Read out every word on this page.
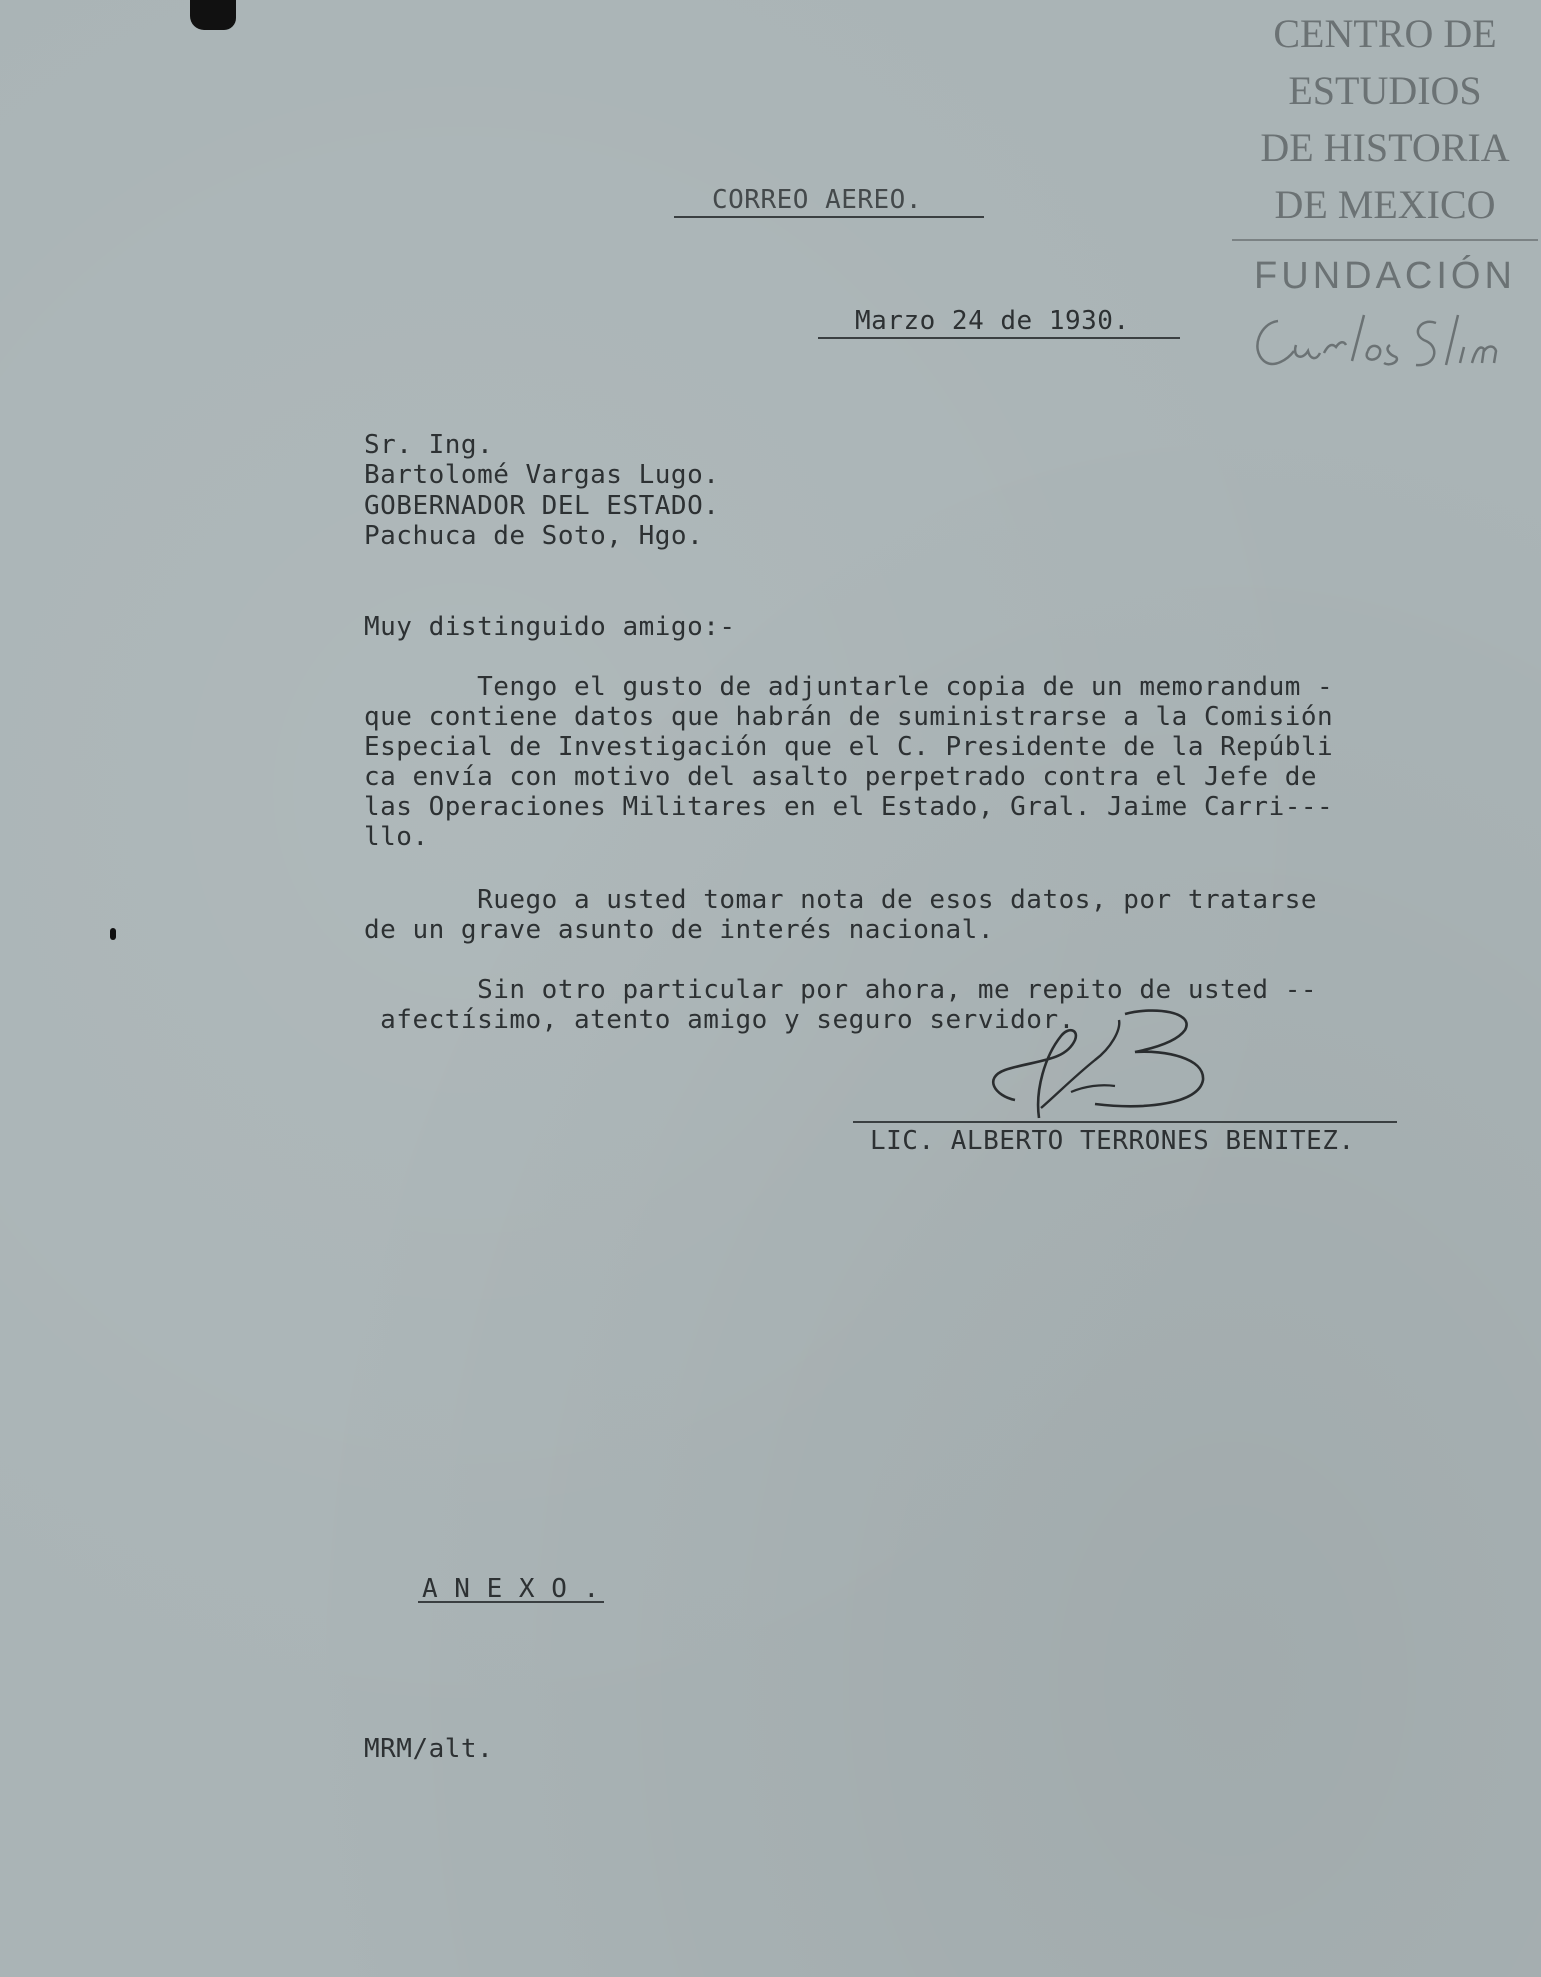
CENTRO DE
ESTUDIOS
DE HISTORIA
DE MEXICO
FUNDACIÓN
CORREO AEREO.
Marzo 24 de 1930.
Sr. Ing.
Bartolomé Vargas Lugo.
GOBERNADOR DEL ESTADO.
Pachuca de Soto, Hgo.
Muy distinguido amigo:-
Tengo el gusto de adjuntarle copia de un memorandum -
que contiene datos que habrán de suministrarse a la Comisión
Especial de Investigación que el C. Presidente de la Repúbli
ca envía con motivo del asalto perpetrado contra el Jefe de
las Operaciones Militares en el Estado, Gral. Jaime Carri---
llo.
Ruego a usted tomar nota de esos datos, por tratarse
de un grave asunto de interés nacional.
Sin otro particular por ahora, me repito de usted --
afectísimo, atento amigo y seguro servidor.
LIC. ALBERTO TERRONES BENITEZ.
A N E X O .
MRM/alt.
